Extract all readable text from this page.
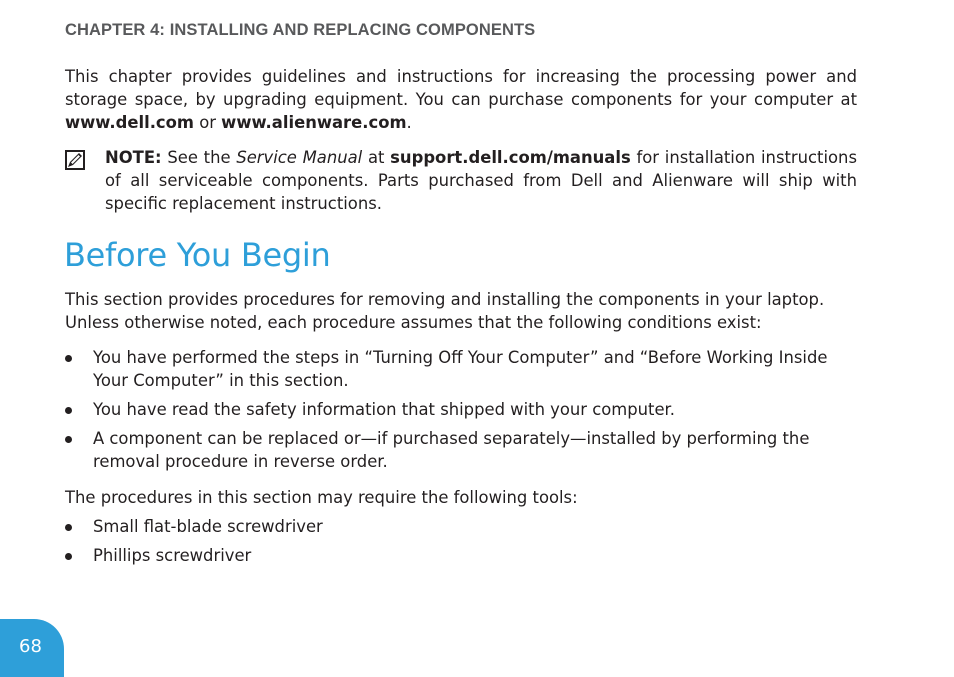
CHAPTER 4: INSTALLING AND REPLACING COMPONENTS

This chapter provides guidelines and instructions for increasing the processing power and storage space, by upgrading equipment. You can purchase components for your computer at www.dell.com or www.alienware.com.

NOTE: See the Service Manual at support.dell.com/manuals for installation instructions of all serviceable components. Parts purchased from Dell and Alienware will ship with specific replacement instructions.

Before You Begin

This section provides procedures for removing and installing the components in your laptop. Unless otherwise noted, each procedure assumes that the following conditions exist:

You have performed the steps in “Turning Off Your Computer” and “Before Working Inside Your Computer” in this section.
You have read the safety information that shipped with your computer.
A component can be replaced or—if purchased separately—installed by performing the removal procedure in reverse order.

The procedures in this section may require the following tools:

Small flat-blade screwdriver
Phillips screwdriver
68
